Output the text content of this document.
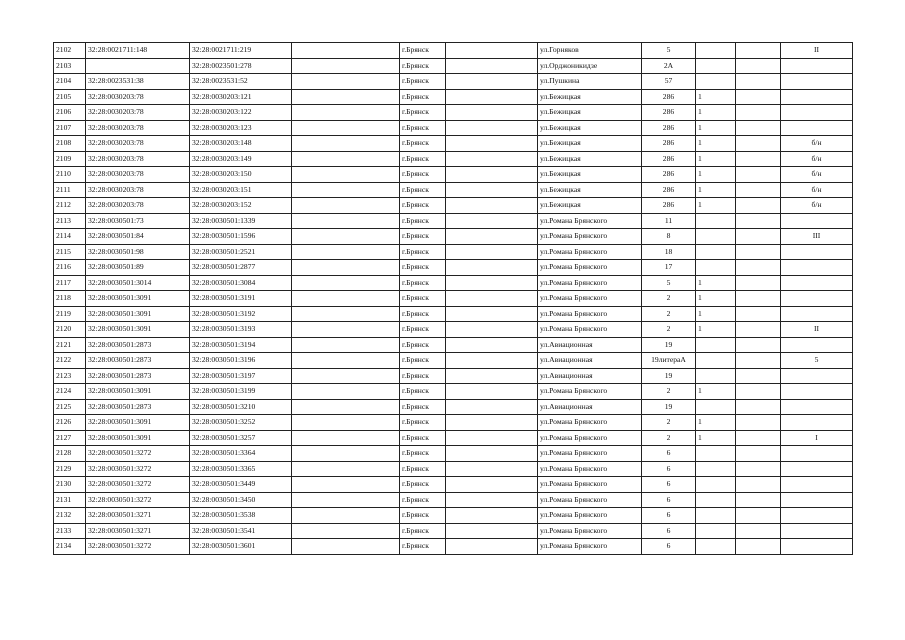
2102	32:28:0021711:148	32:28:0021711:219		г.Брянск		ул.Горняков	5			II
2103		32:28:0023501:278		г.Брянск		ул.Орджоникидзе	2А			
2104	32:28:0023531:38	32:28:0023531:52		г.Брянск		ул.Пушкина	57			
2105	32:28:0030203:78	32:28:0030203:121		г.Брянск		ул.Бежицкая	286	1		
2106	32:28:0030203:78	32:28:0030203:122		г.Брянск		ул.Бежицкая	286	1		
2107	32:28:0030203:78	32:28:0030203:123		г.Брянск		ул.Бежицкая	286	1		
2108	32:28:0030203:78	32:28:0030203:148		г.Брянск		ул.Бежицкая	286	1		б/н
2109	32:28:0030203:78	32:28:0030203:149		г.Брянск		ул.Бежицкая	286	1		б/н
2110	32:28:0030203:78	32:28:0030203:150		г.Брянск		ул.Бежицкая	286	1		б/н
2111	32:28:0030203:78	32:28:0030203:151		г.Брянск		ул.Бежицкая	286	1		б/н
2112	32:28:0030203:78	32:28:0030203:152		г.Брянск		ул.Бежицкая	286	1		б/н
2113	32:28:0030501:73	32:28:0030501:1339		г.Брянск		ул.Романа Брянского	11			
2114	32:28:0030501:84	32:28:0030501:1596		г.Брянск		ул.Романа Брянского	8			III
2115	32:28:0030501:98	32:28:0030501:2521		г.Брянск		ул.Романа Брянского	18			
2116	32:28:0030501:89	32:28:0030501:2877		г.Брянск		ул.Романа Брянского	17			
2117	32:28:0030501:3014	32:28:0030501:3084		г.Брянск		ул.Романа Брянского	5	1		
2118	32:28:0030501:3091	32:28:0030501:3191		г.Брянск		ул.Романа Брянского	2	1		
2119	32:28:0030501:3091	32:28:0030501:3192		г.Брянск		ул.Романа Брянского	2	1		
2120	32:28:0030501:3091	32:28:0030501:3193		г.Брянск		ул.Романа Брянского	2	1		II
2121	32:28:0030501:2873	32:28:0030501:3194		г.Брянск		ул.Авиационная	19			
2122	32:28:0030501:2873	32:28:0030501:3196		г.Брянск		ул.Авиационная	19литераА			5
2123	32:28:0030501:2873	32:28:0030501:3197		г.Брянск		ул.Авиационная	19			
2124	32:28:0030501:3091	32:28:0030501:3199		г.Брянск		ул.Романа Брянского	2	1		
2125	32:28:0030501:2873	32:28:0030501:3210		г.Брянск		ул.Авиационная	19			
2126	32:28:0030501:3091	32:28:0030501:3252		г.Брянск		ул.Романа Брянского	2	1		
2127	32:28:0030501:3091	32:28:0030501:3257		г.Брянск		ул.Романа Брянского	2	1		I
2128	32:28:0030501:3272	32:28:0030501:3364		г.Брянск		ул.Романа Брянского	6			
2129	32:28:0030501:3272	32:28:0030501:3365		г.Брянск		ул.Романа Брянского	6			
2130	32:28:0030501:3272	32:28:0030501:3449		г.Брянск		ул.Романа Брянского	6			
2131	32:28:0030501:3272	32:28:0030501:3450		г.Брянск		ул.Романа Брянского	6			
2132	32:28:0030501:3271	32:28:0030501:3538		г.Брянск		ул.Романа Брянского	6			
2133	32:28:0030501:3271	32:28:0030501:3541		г.Брянск		ул.Романа Брянского	6			
2134	32:28:0030501:3272	32:28:0030501:3601		г.Брянск		ул.Романа Брянского	6			
